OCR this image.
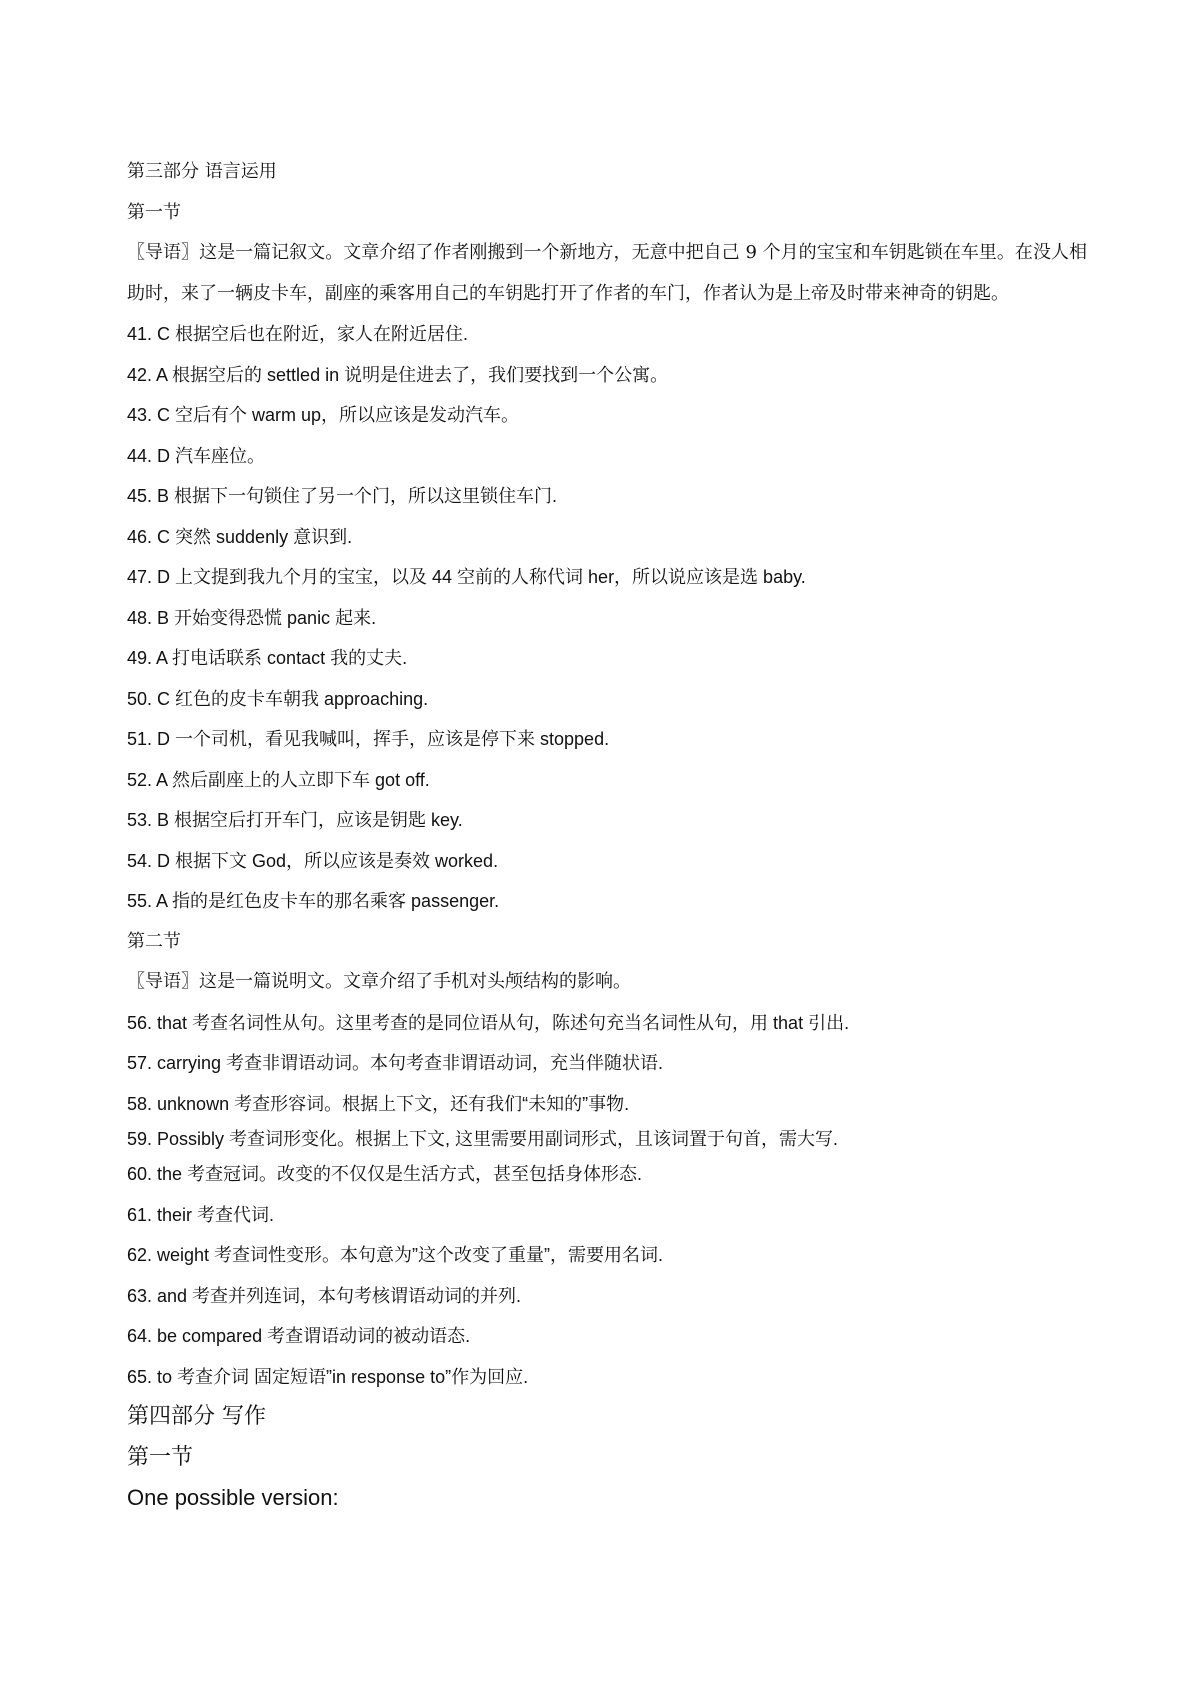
第三部分 语言运用
第一节
〖导语〗这是一篇记叙文。文章介绍了作者刚搬到一个新地方，无意中把自己 9 个月的宝宝和车钥匙锁在车里。在没人相助时，来了一辆皮卡车，副座的乘客用自己的车钥匙打开了作者的车门，作者认为是上帝及时带来神奇的钥匙。
41. C 根据空后也在附近，家人在附近居住.
42. A 根据空后的 settled in 说明是住进去了，我们要找到一个公寓。
43. C 空后有个 warm up，所以应该是发动汽车。
44. D 汽车座位。
45. B 根据下一句锁住了另一个门，所以这里锁住车门.
46. C 突然 suddenly 意识到.
47. D 上文提到我九个月的宝宝，以及 44 空前的人称代词 her，所以说应该是选 baby.
48. B 开始变得恐慌 panic 起来.
49. A 打电话联系 contact 我的丈夫.
50. C 红色的皮卡车朝我 approaching.
51. D 一个司机，看见我喊叫，挥手，应该是停下来 stopped.
52. A 然后副座上的人立即下车 got off.
53. B 根据空后打开车门，应该是钥匙 key.
54. D 根据下文 God，所以应该是奏效 worked.
55. A 指的是红色皮卡车的那名乘客 passenger.
第二节
〖导语〗这是一篇说明文。文章介绍了手机对头颅结构的影响。
56. that 考查名词性从句。这里考查的是同位语从句，陈述句充当名词性从句，用 that 引出.
57. carrying 考查非谓语动词。本句考查非谓语动词，充当伴随状语.
58. unknown 考查形容词。根据上下文，还有我们“未知的”事物.
59. Possibly 考查词形变化。根据上下文, 这里需要用副词形式，且该词置于句首，需大写.
60. the 考查冠词。改变的不仅仅是生活方式，甚至包括身体形态.
61. their 考查代词.
62. weight 考查词性变形。本句意为”这个改变了重量”，需要用名词.
63. and 考查并列连词，本句考核谓语动词的并列.
64. be compared 考查谓语动词的被动语态.
65. to 考查介词 固定短语”in response to”作为回应.
第四部分 写作
第一节
One possible version:
